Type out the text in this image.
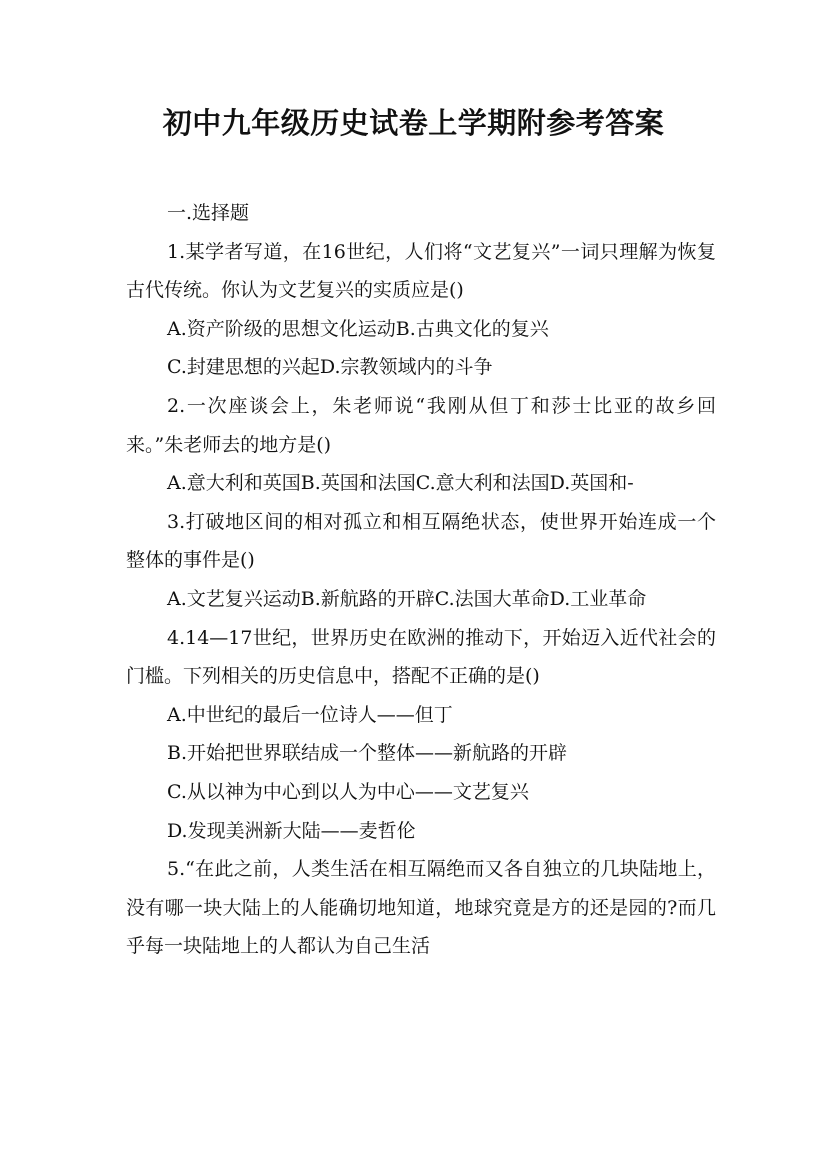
初中九年级历史试卷上学期附参考答案

一.选择题

1.某学者写道，在16世纪，人们将“文艺复兴”一词只理解为恢复古代传统。你认为文艺复兴的实质应是()

A.资产阶级的思想文化运动B.古典文化的复兴

C.封建思想的兴起D.宗教领域内的斗争

2.一次座谈会上，朱老师说“我刚从但丁和莎士比亚的故乡回来。”朱老师去的地方是()

A.意大利和英国B.英国和法国C.意大利和法国D.英国和-

3.打破地区间的相对孤立和相互隔绝状态，使世界开始连成一个整体的事件是()

A.文艺复兴运动B.新航路的开辟C.法国大革命D.工业革命

4.14—17世纪，世界历史在欧洲的推动下，开始迈入近代社会的门槛。下列相关的历史信息中，搭配不正确的是()

A.中世纪的最后一位诗人——但丁

B.开始把世界联结成一个整体——新航路的开辟

C.从以神为中心到以人为中心——文艺复兴

D.发现美洲新大陆——麦哲伦

5.“在此之前，人类生活在相互隔绝而又各自独立的几块陆地上，没有哪一块大陆上的人能确切地知道，地球究竟是方的还是园的?而几乎每一块陆地上的人都认为自己生活
